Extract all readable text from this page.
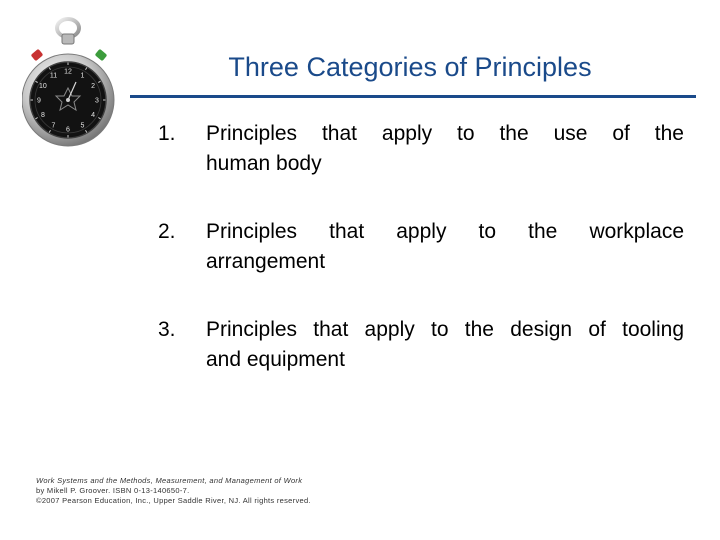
1
2
3
4
5
6
7
8
9
10
11
12	Three Categories of Principles
1.	Principles that apply to the use of the
human body
2.	Principles that apply to the workplace
arrangement
3.	Principles that apply to the design of tooling
and equipment
Work Systems and the Methods, Measurement, and Management of Work
by Mikell P. Groover. ISBN 0-13-140650-7.
©2007 Pearson Education, Inc., Upper Saddle River, NJ. All rights reserved.
